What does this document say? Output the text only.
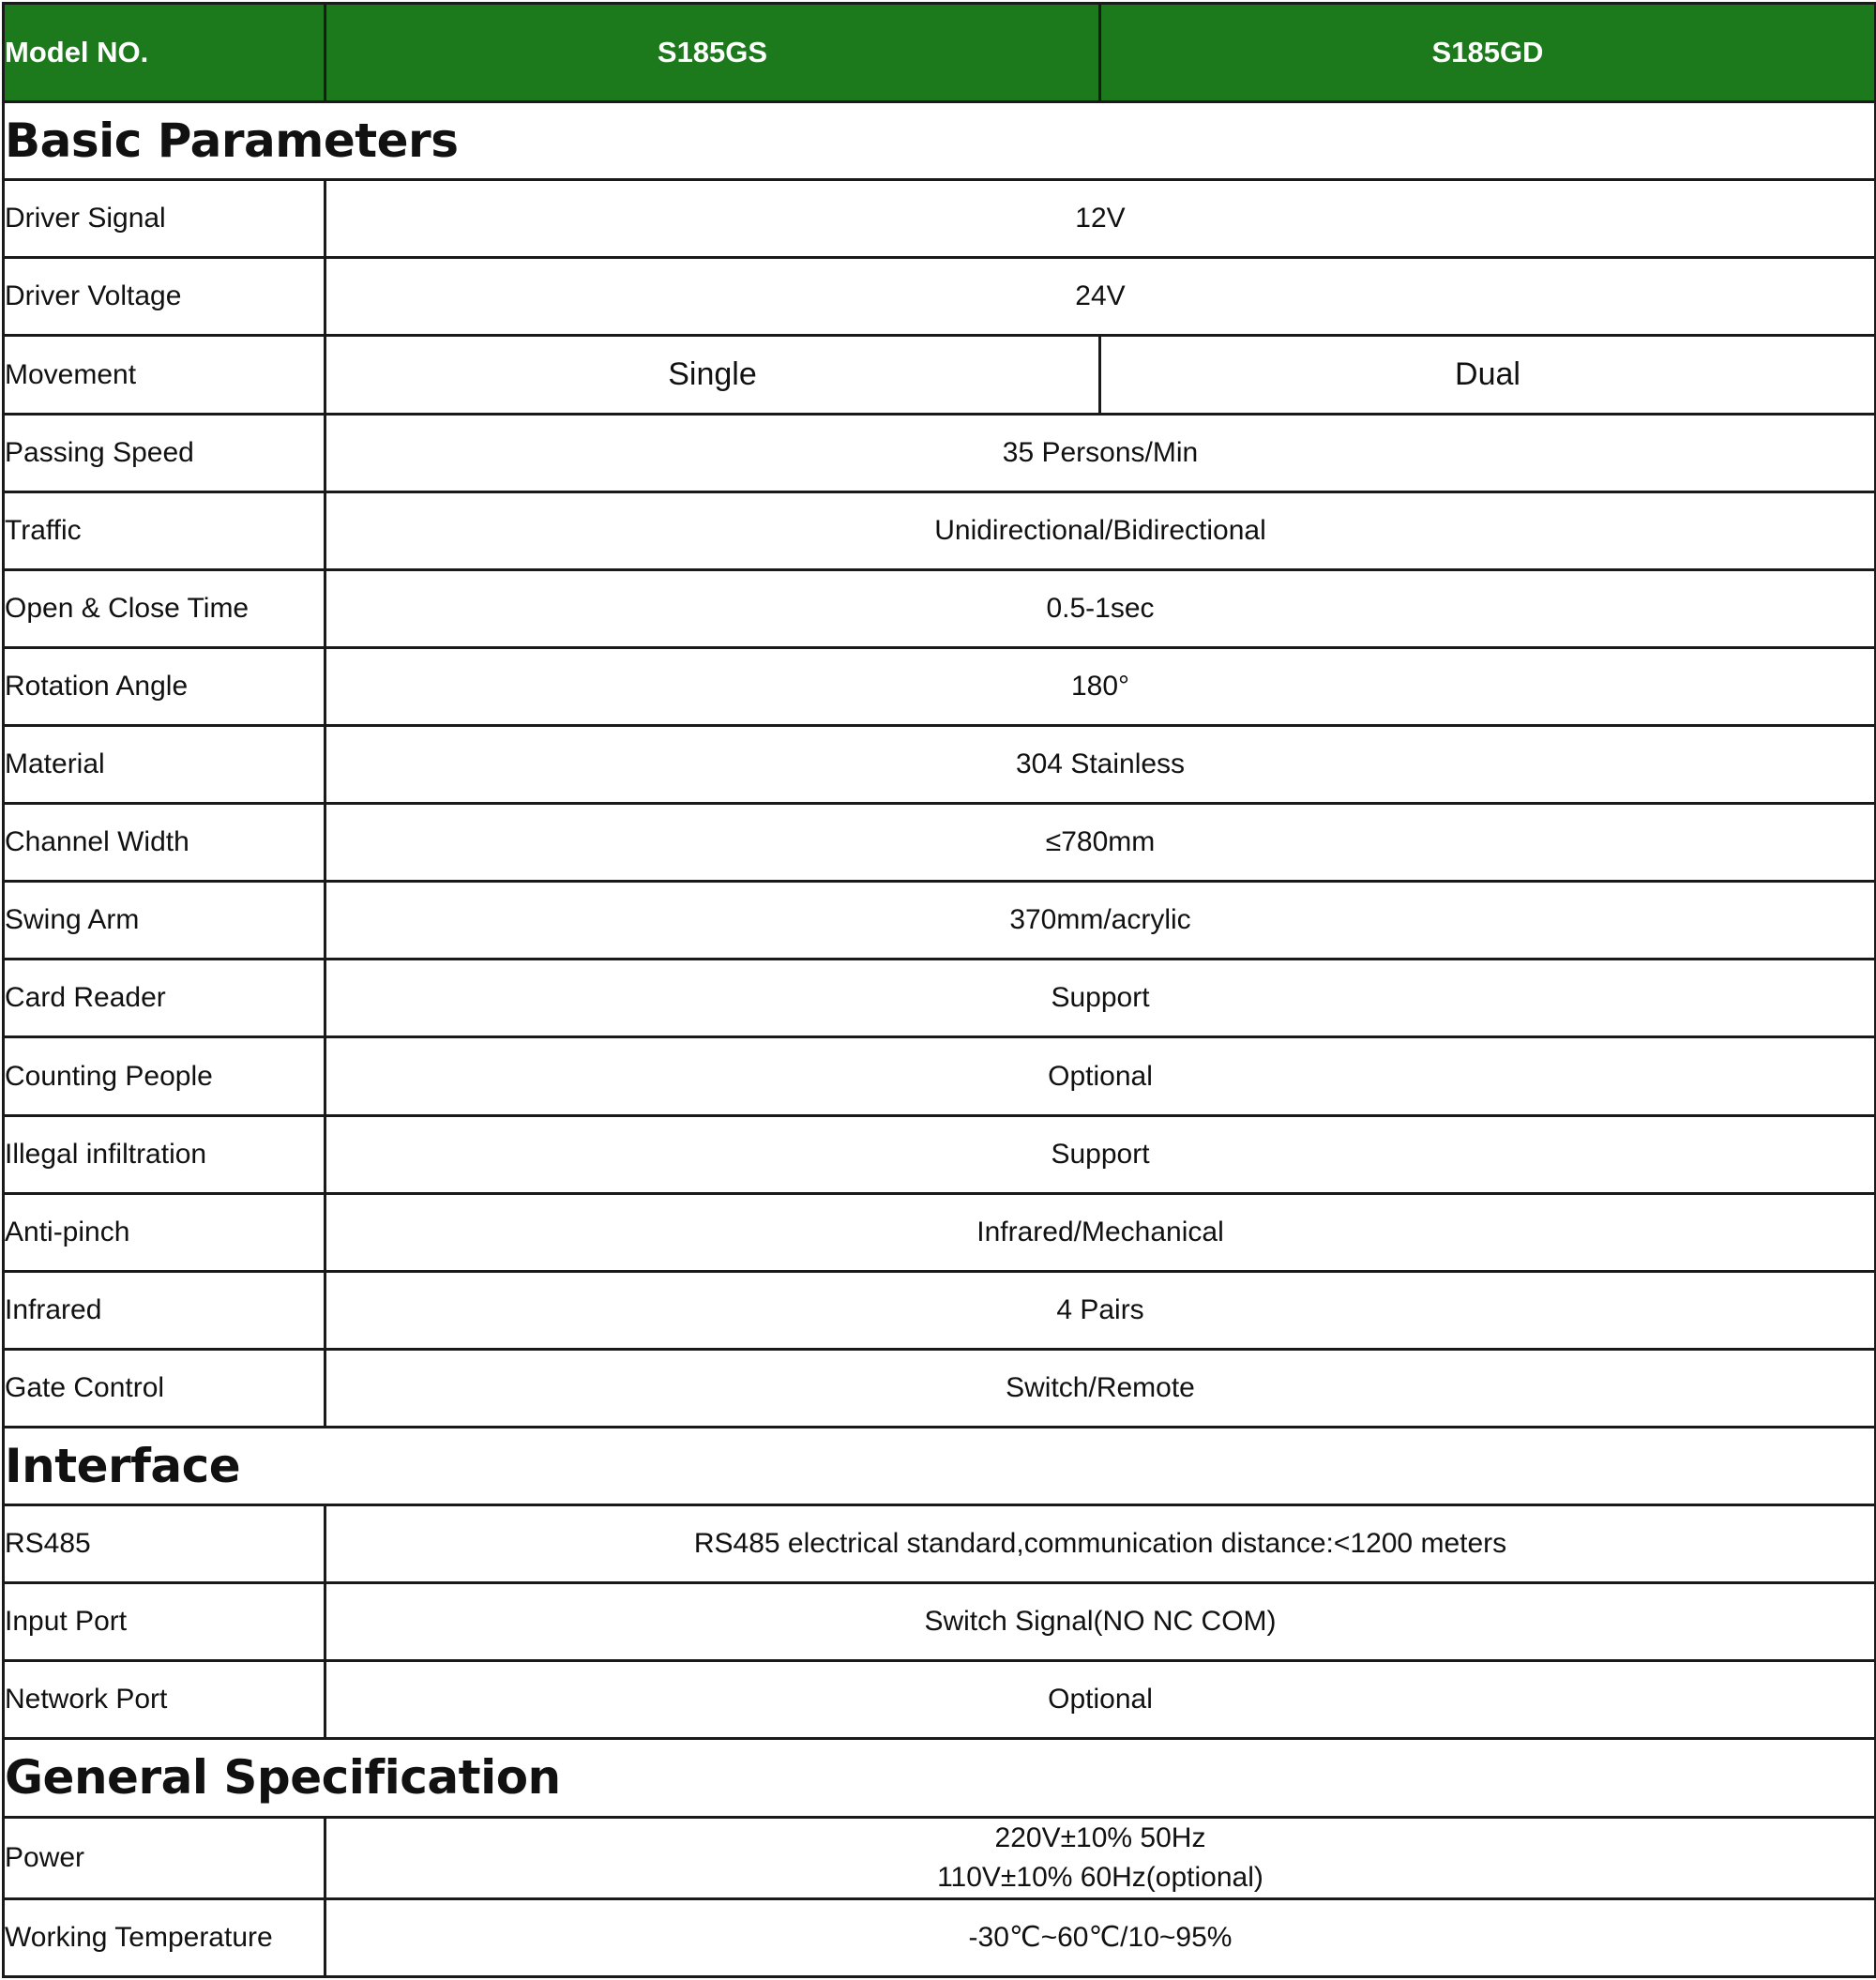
Model NO.	S185GS	S185GD
Basic Parameters		
Driver Signal	12V	
Driver Voltage	24V	
Movement	Single	Dual
Passing Speed	35 Persons/Min	
Traffic	Unidirectional/Bidirectional	
Open & Close Time	0.5-1sec	
Rotation Angle	180°	
Material	304 Stainless	
Channel Width	≤780mm	
Swing Arm	370mm/acrylic	
Card Reader	Support	
Counting People	Optional	
Illegal infiltration	Support	
Anti-pinch	Infrared/Mechanical	
Infrared	4 Pairs	
Gate Control	Switch/Remote	
Interface		
RS485	RS485 electrical standard,communication distance:<1200 meters	
Input Port	Switch Signal(NO NC COM)	
Network Port	Optional	
General Specification		
Power	220V±10% 50Hz
110V±10% 60Hz(optional)	

Working Temperature	-30℃~60℃/10~95%	
